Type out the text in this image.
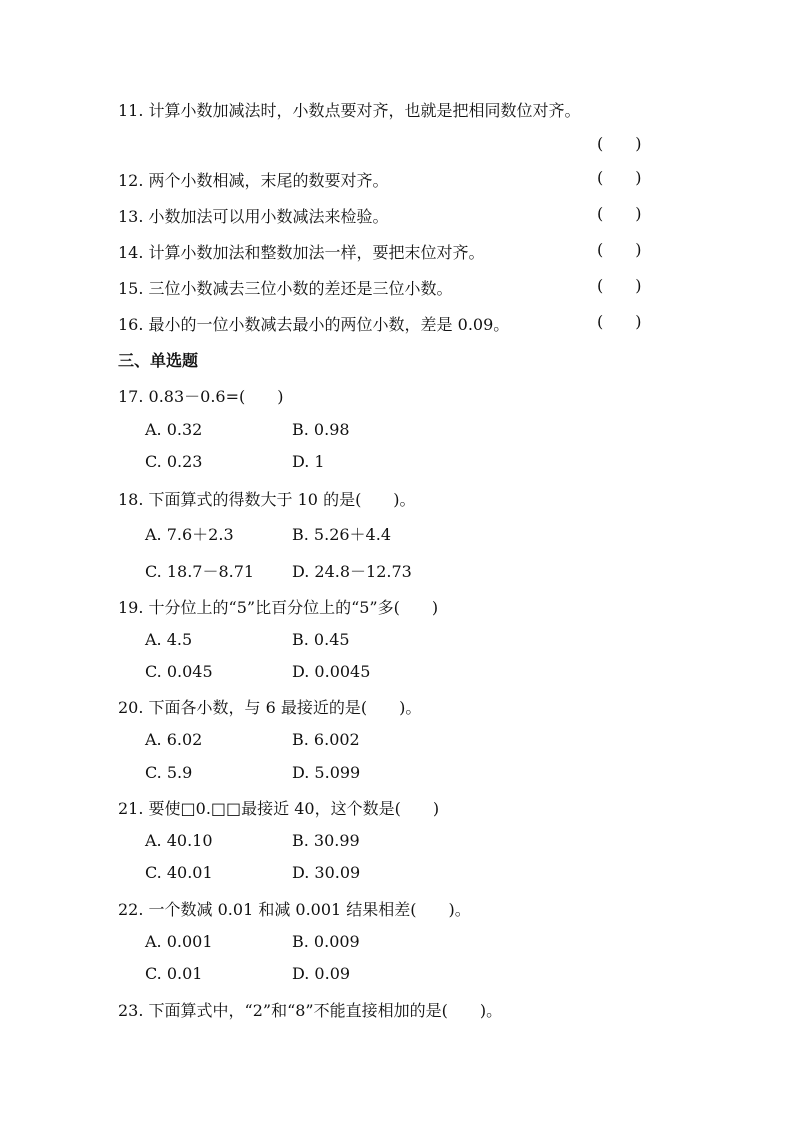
11. 计算小数加减法时，小数点要对齐，也就是把相同数位对齐。
(  )
12. 两个小数相减，末尾的数要对齐。	(  )
13. 小数加法可以用小数减法来检验。	(  )
14. 计算小数加法和整数加法一样，要把末位对齐。	(  )
15. 三位小数减去三位小数的差还是三位小数。	(  )
16. 最小的一位小数减去最小的两位小数，差是 0.09。	(  )
三、单选题
17. 0.83－0.6=(  )
A. 0.32	B. 0.98
C. 0.23	D. 1
18. 下面算式的得数大于 10 的是(  )。
A. 7.6＋2.3	B. 5.26＋4.4
C. 18.7－8.71 D. 24.8－12.73
19. 十分位上的“5”比百分位上的“5”多(  )
A. 4.5	B. 0.45
C. 0.045	D. 0.0045
20. 下面各小数，与 6 最接近的是(  )。
A. 6.02	B. 6.002
C. 5.9	D. 5.099
21. 要使□0.□□最接近 40，这个数是(  )
A. 40.10	B. 30.99
C. 40.01	D. 30.09
22. 一个数减 0.01 和减 0.001 结果相差(  )。
A. 0.001	B. 0.009
C. 0.01	D. 0.09
23. 下面算式中，“2”和“8”不能直接相加的是(  )。
